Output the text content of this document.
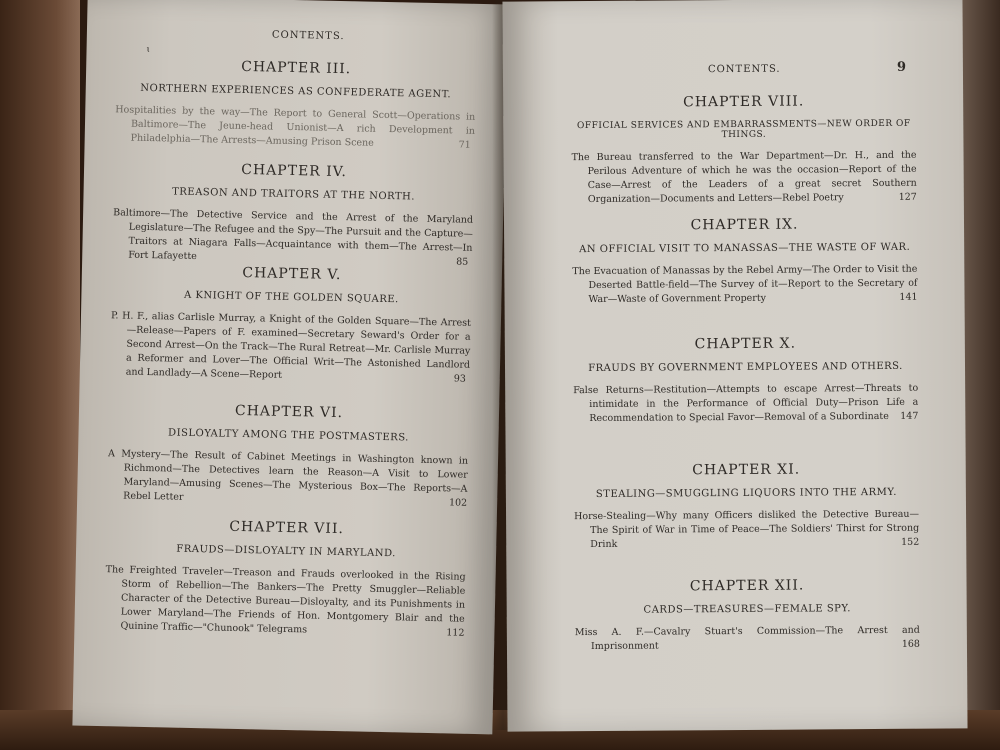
CONTENTS.
ɩ
CHAPTER III.
NORTHERN EXPERIENCES AS CONFEDERATE AGENT.

Hospitalities by the way—The Report to General Scott—Operations in Baltimore—The Jeune-head Unionist—A rich Development in Philadelphia—The Arrests—Amusing Prison Scene	71

CHAPTER IV.
TREASON AND TRAITORS AT THE NORTH.

Baltimore—The Detective Service and the Arrest of the Maryland Legislature—The Refugee and the Spy—The Pursuit and the Capture—Traitors at Niagara Falls—Acquaintance with them—The Arrest—In Fort Lafayette
85

CHAPTER V.
A KNIGHT OF THE GOLDEN SQUARE.

P. H. F., alias Carlisle Murray, a Knight of the Golden Square—The Arrest—Release—Papers of F. examined—Secretary Seward's Order for a Second Arrest—On the Track—The Rural Retreat—Mr. Carlisle Murray a Reformer and Lover—The Official Writ—The Astonished Landlord and Landlady—A Scene—Report	93

CHAPTER VI.
DISLOYALTY AMONG THE POSTMASTERS.

A Mystery—The Result of Cabinet Meetings in Washington known in Richmond—The Detectives learn the Reason—A Visit to Lower Maryland—Amusing Scenes—The Mysterious Box—The Reports—A Rebel Letter
102

CHAPTER VII.
FRAUDS—DISLOYALTY IN MARYLAND.

The Freighted Traveler—Treason and Frauds overlooked in the Rising Storm of Rebellion—The Bankers—The Pretty Smuggler—Reliable Character of the Detective Bureau—Disloyalty, and its Punishments in Lower Maryland—The Friends of Hon. Montgomery Blair and the Quinine Traffic—"Chunook" Telegrams	112

CONTENTS.	9
CHAPTER VIII.
OFFICIAL SERVICES AND EMBARRASSMENTS—NEW ORDER OF THINGS.

The Bureau transferred to the War Department—Dr. H., and the Perilous Adventure of which he was the occasion—Report of the Case—Arrest of the Leaders of a great secret Southern Organization—Documents and Letters—Rebel Poetry	127

CHAPTER IX.
AN OFFICIAL VISIT TO MANASSAS—THE WASTE OF WAR.

The Evacuation of Manassas by the Rebel Army—The Order to Visit the Deserted Battle-field—The Survey of it—Report to the Secretary of War—Waste of Government Property	141

CHAPTER X.
FRAUDS BY GOVERNMENT EMPLOYEES AND OTHERS.

False Returns—Restitution—Attempts to escape Arrest—Threats to intimidate in the Performance of Official Duty—Prison Life a Recommendation to Special Favor—Removal of a Subordinate 147

CHAPTER XI.
STEALING—SMUGGLING LIQUORS INTO THE ARMY.

Horse-Stealing—Why many Officers disliked the Detective Bureau—The Spirit of War in Time of Peace—The Soldiers' Thirst for Strong Drink	152

CHAPTER XII.
CARDS—TREASURES—FEMALE SPY.

Miss A. F.—Cavalry Stuart's Commission—The Arrest and Imprisonment	168
